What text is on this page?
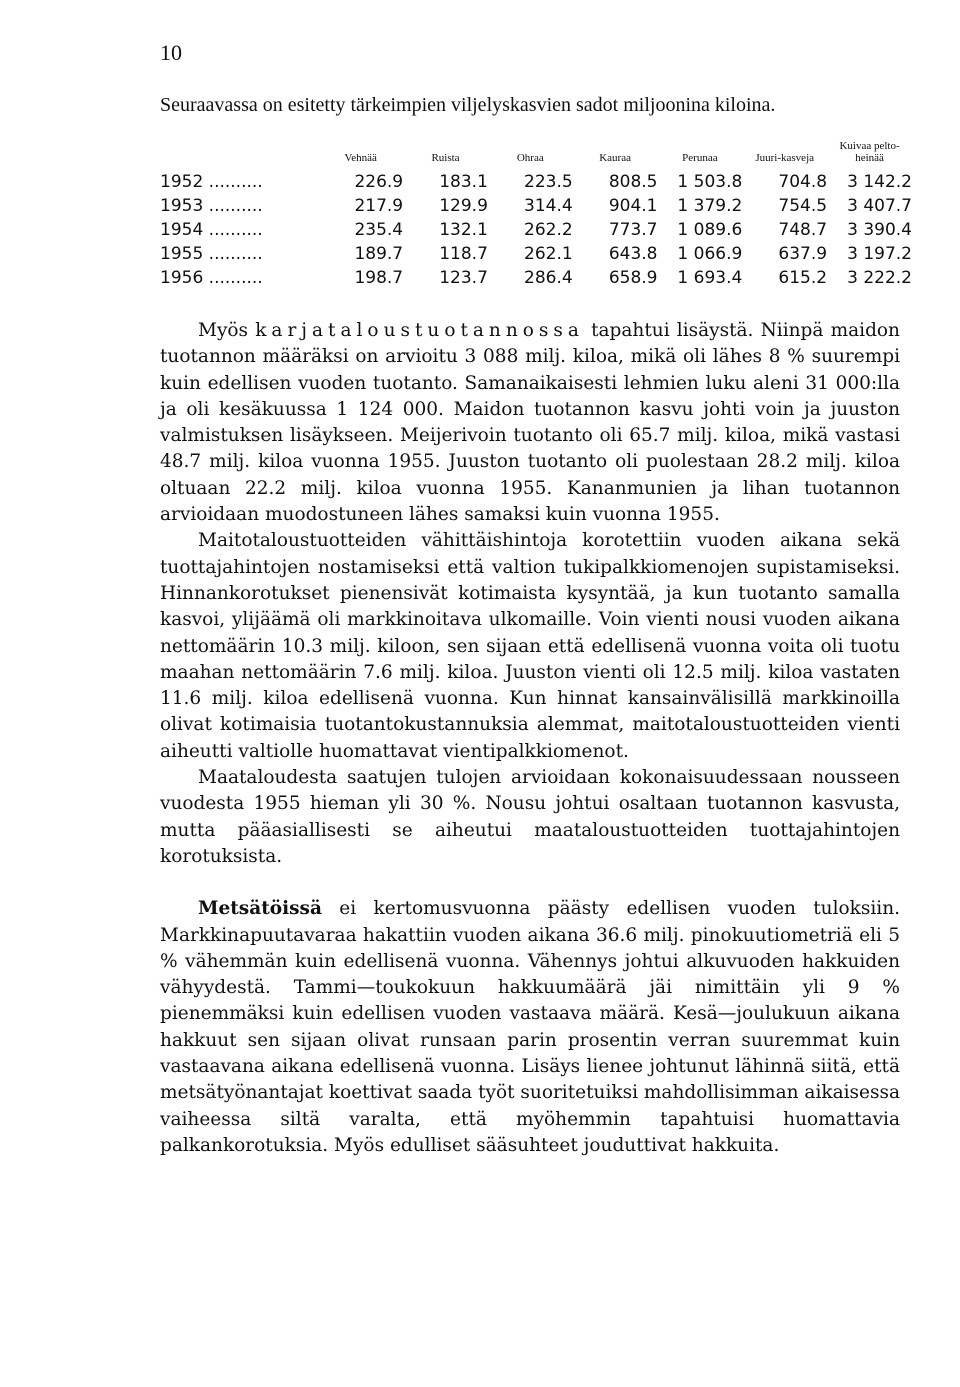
10
Seuraavassa on esitetty tärkeimpien viljelyskasvien sadot miljoonina kiloina.
	Vehnää	Ruista	Ohraa	Kauraa	Perunaa	Juuri-kasveja	Kuivaa pelto-heinää
1952 ..........	226.9	183.1	223.5	808.5	1 503.8	704.8	3 142.2
1953 ..........	217.9	129.9	314.4	904.1	1 379.2	754.5	3 407.7
1954 ..........	235.4	132.1	262.2	773.7	1 089.6	748.7	3 390.4
1955 ..........	189.7	118.7	262.1	643.8	1 066.9	637.9	3 197.2
1956 ..........	198.7	123.7	286.4	658.9	1 693.4	615.2	3 222.2

Myös karjataloustuotannossa tapahtui lisäystä. Niinpä maidon tuotannon määräksi on arvioitu 3 088 milj. kiloa, mikä oli lähes 8 % suurempi kuin edellisen vuoden tuotanto. Samanaikaisesti lehmien luku aleni 31 000:lla ja oli kesäkuussa 1 124 000. Maidon tuotannon kasvu johti voin ja juuston valmistuksen lisäykseen. Meijerivoin tuotanto oli 65.7 milj. kiloa, mikä vastasi 48.7 milj. kiloa vuonna 1955. Juuston tuotanto oli puolestaan 28.2 milj. kiloa oltuaan 22.2 milj. kiloa vuonna 1955. Kananmunien ja lihan tuotannon arvioidaan muodostuneen lähes samaksi kuin vuonna 1955.

Maitotaloustuotteiden vähittäishintoja korotettiin vuoden aikana sekä tuottajahintojen nostamiseksi että valtion tukipalkkiomenojen supistamiseksi. Hinnankorotukset pienensivät kotimaista kysyntää, ja kun tuotanto samalla kasvoi, ylijäämä oli markkinoitava ulkomaille. Voin vienti nousi vuoden aikana nettomäärin 10.3 milj. kiloon, sen sijaan että edellisenä vuonna voita oli tuotu maahan nettomäärin 7.6 milj. kiloa. Juuston vienti oli 12.5 milj. kiloa vastaten 11.6 milj. kiloa edellisenä vuonna. Kun hinnat kansainvälisillä markkinoilla olivat kotimaisia tuotantokustannuksia alemmat, maitotaloustuotteiden vienti aiheutti valtiolle huomattavat vientipalkkiomenot.

Maataloudesta saatujen tulojen arvioidaan kokonaisuudessaan nousseen vuodesta 1955 hieman yli 30 %. Nousu johtui osaltaan tuotannon kasvusta, mutta pääasiallisesti se aiheutui maataloustuotteiden tuottajahintojen korotuksista.

Metsätöissä ei kertomusvuonna päästy edellisen vuoden tuloksiin. Markkinapuutavaraa hakattiin vuoden aikana 36.6 milj. pinokuutiometriä eli 5 % vähemmän kuin edellisenä vuonna. Vähennys johtui alkuvuoden hakkuiden vähyydestä. Tammi—toukokuun hakkuumäärä jäi nimittäin yli 9 % pienemmäksi kuin edellisen vuoden vastaava määrä. Kesä—joulukuun aikana hakkuut sen sijaan olivat runsaan parin prosentin verran suuremmat kuin vastaavana aikana edellisenä vuonna. Lisäys lienee johtunut lähinnä siitä, että metsätyönantajat koettivat saada työt suoritetuiksi mahdollisimman aikaisessa vaiheessa siltä varalta, että myöhemmin tapahtuisi huomattavia palkankorotuksia. Myös edulliset sääsuhteet jouduttivat hakkuita.
